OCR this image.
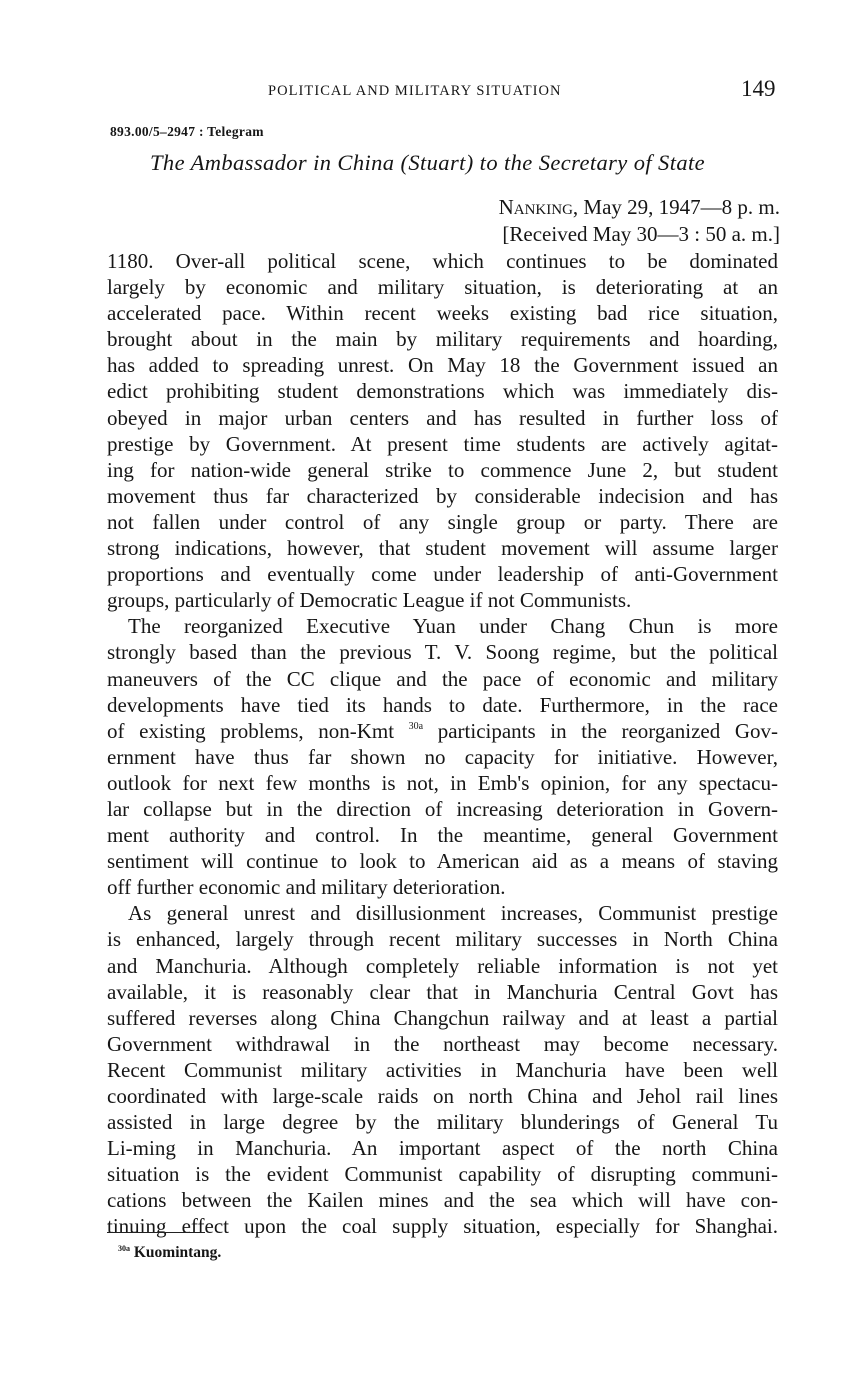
POLITICAL AND MILITARY SITUATION	149
893.00/5–2947 : Telegram
The Ambassador in China (Stuart) to the Secretary of State
Nanking, May 29, 1947—8 p. m.
[Received May 30—3 : 50 a. m.]
1180. Over-all political scene, which continues to be dominated
largely by economic and military situation, is deteriorating at an
accelerated pace. Within recent weeks existing bad rice situation,
brought about in the main by military requirements and hoarding,
has added to spreading unrest. On May 18 the Government issued an
edict prohibiting student demonstrations which was immediately dis-
obeyed in major urban centers and has resulted in further loss of
prestige by Government. At present time students are actively agitat-
ing for nation-wide general strike to commence June 2, but student
movement thus far characterized by considerable indecision and has
not fallen under control of any single group or party. There are
strong indications, however, that student movement will assume larger
proportions and eventually come under leadership of anti-Government
groups, particularly of Democratic League if not Communists.
The reorganized Executive Yuan under Chang Chun is more
strongly based than the previous T. V. Soong regime, but the political
maneuvers of the CC clique and the pace of economic and military
developments have tied its hands to date. Furthermore, in the race
of existing problems, non-Kmt $^{30a}$ participants in the reorganized Gov-
ernment have thus far shown no capacity for initiative. However,
outlook for next few months is not, in Emb's opinion, for any spectacu-
lar collapse but in the direction of increasing deterioration in Govern-
ment authority and control. In the meantime, general Government
sentiment will continue to look to American aid as a means of staving
off further economic and military deterioration.
As general unrest and disillusionment increases, Communist prestige
is enhanced, largely through recent military successes in North China
and Manchuria. Although completely reliable information is not yet
available, it is reasonably clear that in Manchuria Central Govt has
suffered reverses along China Changchun railway and at least a partial
Government withdrawal in the northeast may become necessary.
Recent Communist military activities in Manchuria have been well
coordinated with large-scale raids on north China and Jehol rail lines
assisted in large degree by the military blunderings of General Tu
Li-ming in Manchuria. An important aspect of the north China
situation is the evident Communist capability of disrupting communi-
cations between the Kailen mines and the sea which will have con-
tinuing effect upon the coal supply situation, especially for Shanghai.
$^{30a}$ Kuomintang.
